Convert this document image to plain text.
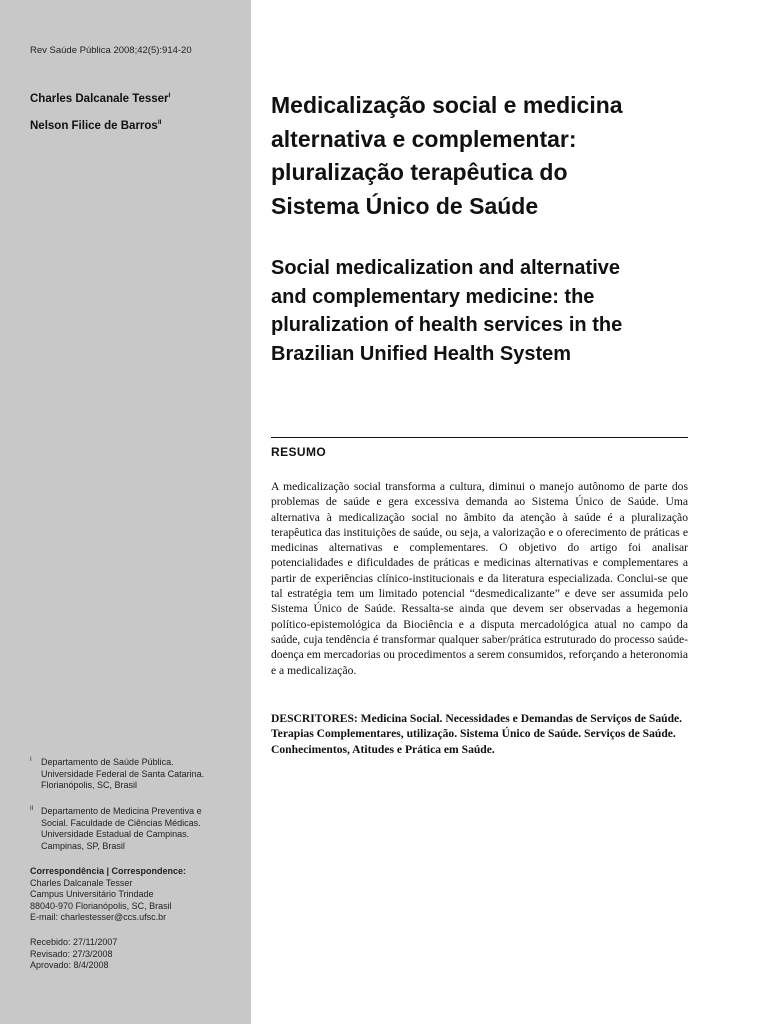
Rev Saúde Pública 2008;42(5):914-20
Charles Dalcanale Tesser$^I$
Nelson Filice de Barros$^{II}$
Medicalização social e medicina
alternativa e complementar:
pluralização terapêutica do
Sistema Único de Saúde
Social medicalization and alternative
and complementary medicine: the
pluralization of health services in the
Brazilian Unified Health System
RESUMO

A medicalização social transforma a cultura, diminui o manejo autônomo de parte dos problemas de saúde e gera excessiva demanda ao Sistema Único de Saúde. Uma alternativa à medicalização social no âmbito da atenção à saúde é a pluralização terapêutica das instituições de saúde, ou seja, a valorização e o oferecimento de práticas e medicinas alternativas e complementares. O objetivo do artigo foi analisar potencialidades e dificuldades de práticas e medicinas alternativas e complementares a partir de experiências clínico-institucionais e da literatura especializada. Conclui-se que tal estratégia tem um limitado potencial “desmedicalizante” e deve ser assumida pelo Sistema Único de Saúde. Ressalta-se ainda que devem ser observadas a hegemonia político-epistemológica da Biociência e a disputa mercadológica atual no campo da saúde, cuja tendência é transformar qualquer saber/prática estruturado do processo saúde-doença em mercadorias ou procedimentos a serem consumidos, reforçando a heteronomia e a medicalização.

DESCRITORES: Medicina Social. Necessidades e Demandas de Serviços de Saúde. Terapias Complementares, utilização. Sistema Único de Saúde. Serviços de Saúde. Conhecimentos, Atitudes e Prática em Saúde.

I Departamento de Saúde Pública.
Universidade Federal de Santa Catarina.
Florianópolis, SC, Brasil
II Departamento de Medicina Preventiva e
Social. Faculdade de Ciências Médicas.
Universidade Estadual de Campinas.
Campinas, SP, Brasil
Correspondência | Correspondence:
Charles Dalcanale Tesser
Campus Universitário Trindade
88040-970 Florianópolis, SC, Brasil
E-mail: charlestesser@ccs.ufsc.br
Recebido: 27/11/2007
Revisado: 27/3/2008
Aprovado: 8/4/2008
